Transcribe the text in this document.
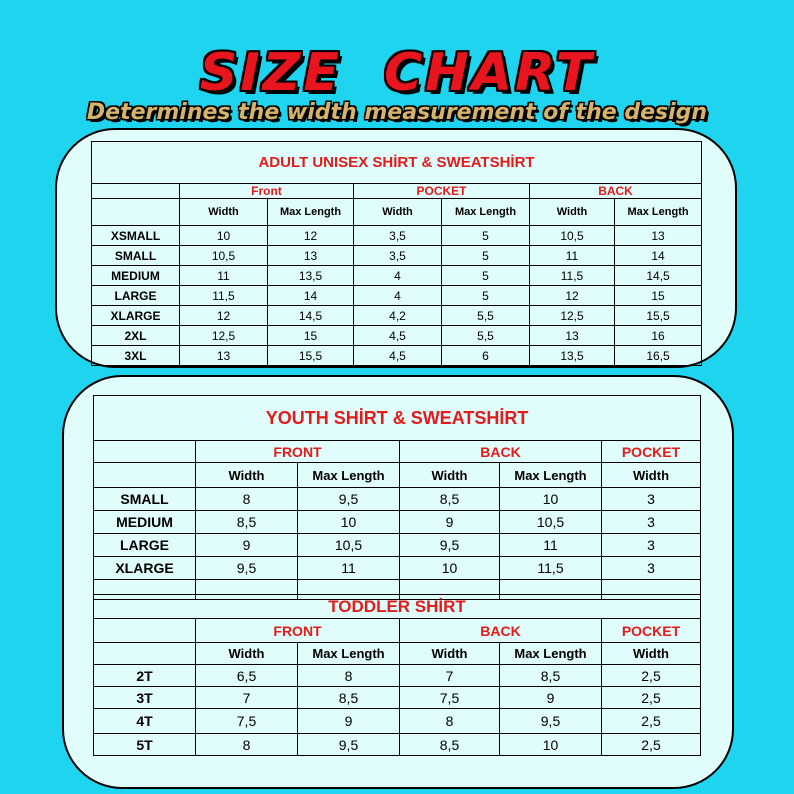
SIZE  CHART
Determines the width measurement of the design
ADULT UNISEX SHİRT & SWEATSHİRT						
	Front		POCKET		BACK	
	Width	Max Length	Width	Max Length	Width	Max Length
XSMALL	10	12	3,5	5	10,5	13
SMALL	10,5	13	3,5	5	11	14
MEDIUM	11	13,5	4	5	11,5	14,5
LARGE	11,5	14	4	5	12	15
XLARGE	12	14,5	4,2	5,5	12,5	15,5
2XL	12,5	15	4,5	5,5	13	16
3XL	13	15,5	4,5	6	13,5	16,5
YOUTH SHİRT & SWEATSHİRT					
	FRONT		BACK		POCKET
	Width	Max Length	Width	Max Length	Width
SMALL	8	9,5	8,5	10	3
MEDIUM	8,5	10	9	10,5	3
LARGE	9	10,5	9,5	11	3
XLARGE	9,5	11	10	11,5	3

TODDLER SHİRT					
	FRONT		BACK		POCKET
	Width	Max Length	Width	Max Length	Width
2T	6,5	8	7	8,5	2,5
3T	7	8,5	7,5	9	2,5
4T	7,5	9	8	9,5	2,5
5T	8	9,5	8,5	10	2,5
